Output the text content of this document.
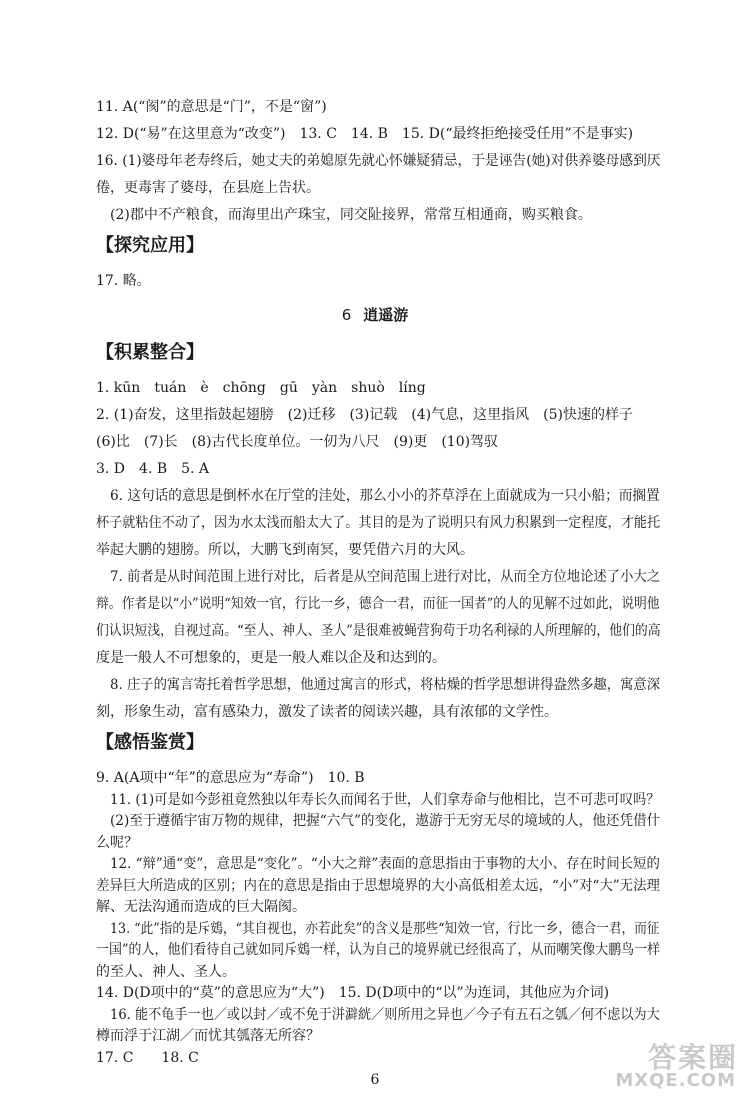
11. A(“阂”的意思是“门”，不是“窗”)
12. D(“易”在这里意为“改变”)　13. C　14. B　15. D(“最终拒绝接受任用”不是事实)
16. (1)婆母年老寿终后，她丈夫的弟媳原先就心怀嫌疑猜忌，于是诬告(她)对供养婆母感到厌
倦，更毒害了婆母，在县庭上告状。
(2)郡中不产粮食，而海里出产珠宝，同交阯接界，常常互相通商，购买粮食。
【探究应用】
17. 略。
6 逍遥游
【积累整合】
1. kūn　tuán　è　chōng　gū　yàn　shuò　líng
2. (1)奋发，这里指鼓起翅膀　(2)迁移　(3)记载　(4)气息，这里指风　(5)快速的样子
(6)比　(7)长　(8)古代长度单位。一仞为八尺　(9)更　(10)驾驭
3. D　4. B　5. A
6. 这句话的意思是倒杯水在厅堂的洼处，那么小小的芥草浮在上面就成为一只小船；而搁置
杯子就粘住不动了，因为水太浅而船太大了。其目的是为了说明只有风力积累到一定程度，才能托
举起大鹏的翅膀。所以，大鹏飞到南冥，要凭借六月的大风。
7. 前者是从时间范围上进行对比，后者是从空间范围上进行对比，从而全方位地论述了小大之
辩。作者是以“小”说明“知效一官，行比一乡，德合一君，而征一国者”的人的见解不过如此，说明他
们认识短浅，自视过高。“至人、神人、圣人”是很难被蝇营狗苟于功名利禄的人所理解的，他们的高
度是一般人不可想象的，更是一般人难以企及和达到的。
8. 庄子的寓言寄托着哲学思想，他通过寓言的形式，将枯燥的哲学思想讲得盎然多趣，寓意深
刻，形象生动，富有感染力，激发了读者的阅读兴趣，具有浓郁的文学性。
【感悟鉴赏】
9. A(A项中“年”的意思应为“寿命”)　10. B
11. (1)可是如今彭祖竟然独以年寿长久而闻名于世，人们拿寿命与他相比，岂不可悲可叹吗？
(2)至于遵循宇宙万物的规律，把握“六气”的变化，遨游于无穷无尽的境域的人，他还凭借什
么呢？
12. “辩”通“变”，意思是“变化”。“小大之辩”表面的意思指由于事物的大小、存在时间长短的
差异巨大所造成的区别；内在的意思是指由于思想境界的大小高低相差太远，“小”对“大”无法理
解、无法沟通而造成的巨大隔阂。
13. “此”指的是斥鴳，“其自视也，亦若此矣”的含义是那些“知效一官，行比一乡，德合一君，而征
一国”的人，他们看待自己就如同斥鴳一样，认为自己的境界就已经很高了，从而嘲笑像大鹏鸟一样
的至人、神人、圣人。
14. D(D项中的“莫”的意思应为“大”)　15. D(D项中的“以”为连词，其他应为介词)
16. 能不龟手一也／或以封／或不免于洴澼絖／则所用之异也／今子有五石之瓠／何不虑以为大
6
答案圈
MXQE.COM
樽而浮于江湖／而忧其瓠落无所容？
17. C　　18. C
